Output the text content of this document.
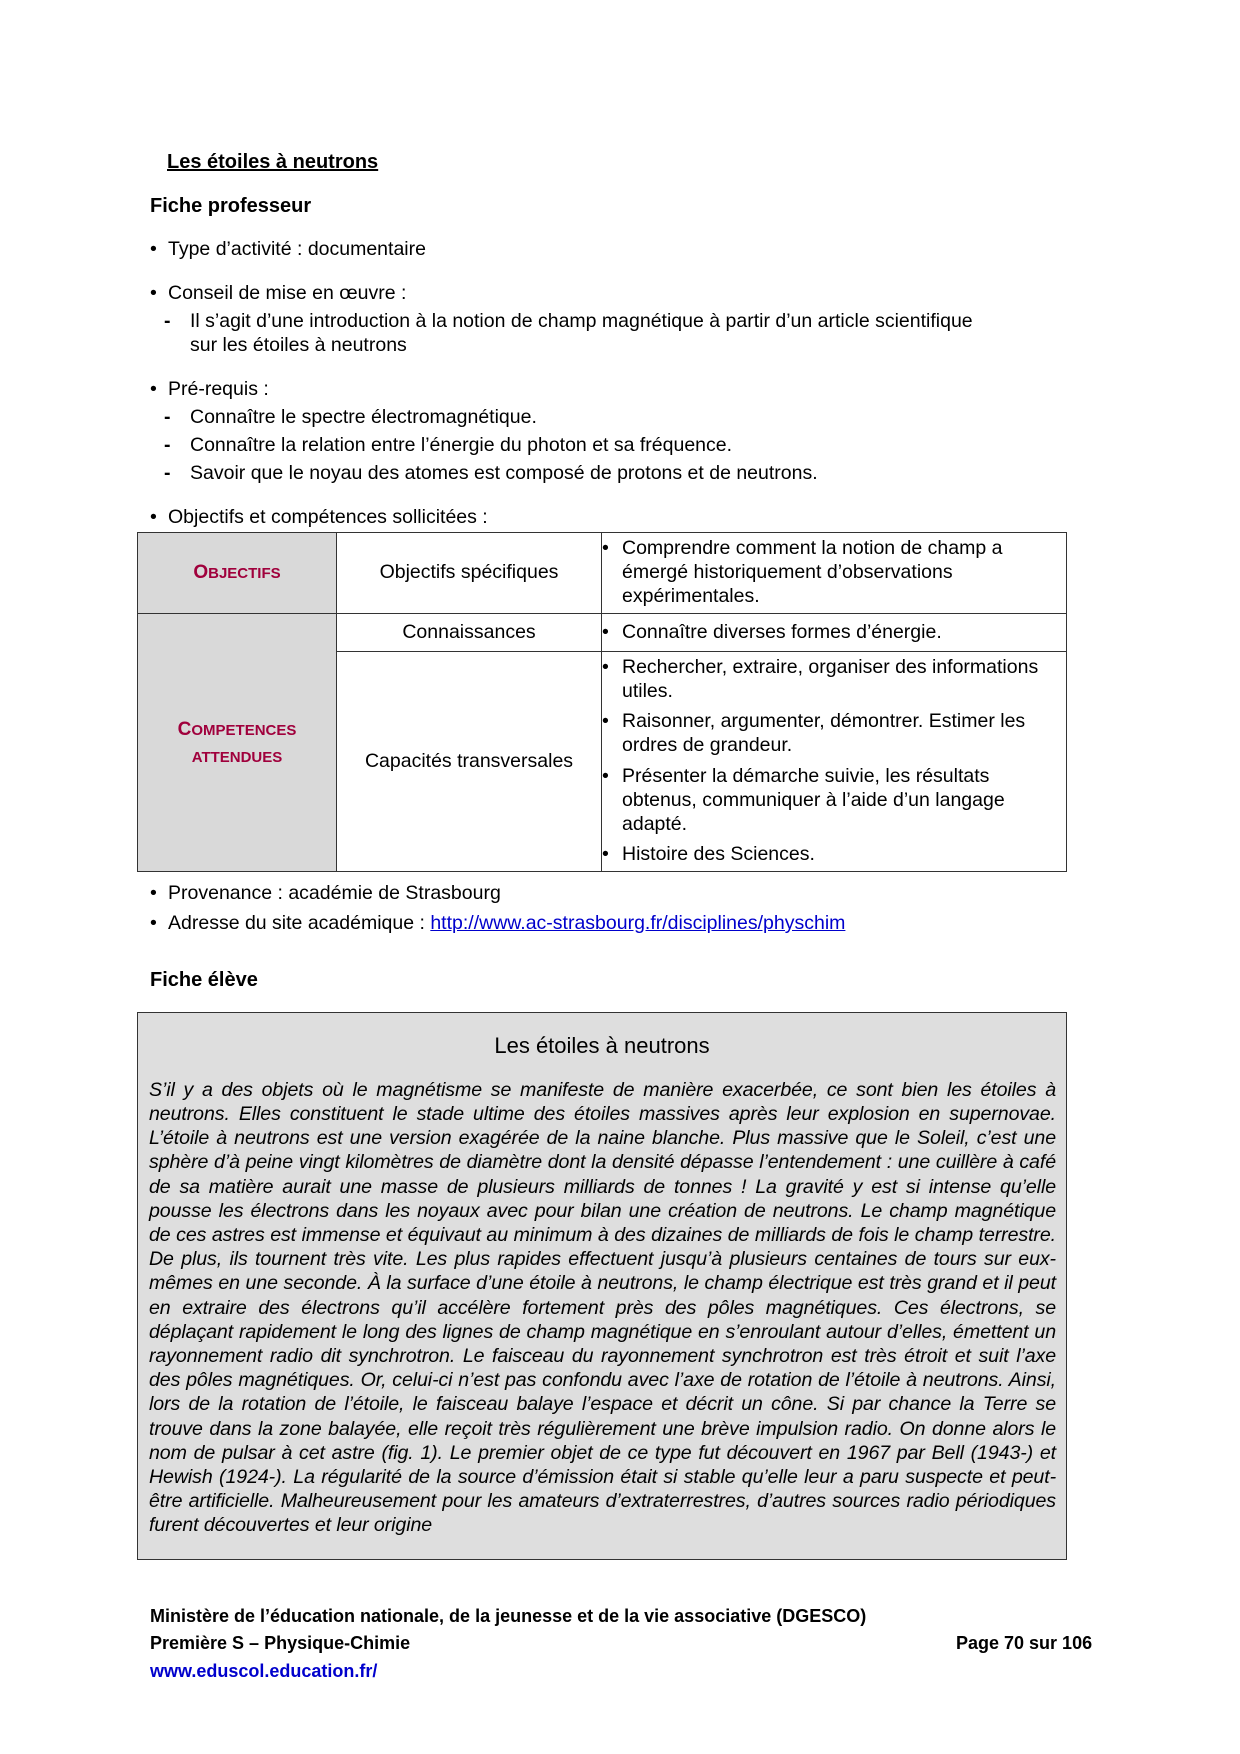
Les étoiles à neutrons
Fiche professeur
• Type d’activité : documentaire
• Conseil de mise en œuvre :
- Il s’agit d’une introduction à la notion de champ magnétique à partir d’un article scientifique
sur les étoiles à neutrons
• Pré-requis :
- Connaître le spectre électromagnétique.
- Connaître la relation entre l’énergie du photon et sa fréquence.
- Savoir que le noyau des atomes est composé de protons et de neutrons.
• Objectifs et compétences sollicitées :
OBJECTIFS	Objectifs spécifiques	• Comprendre comment la notion de champ a émergé historiquement d’observations expérimentales.

COMPETENCES
ATTENDUES	Connaissances	• Connaître diverses formes d’énergie.

	Capacités transversales	• Rechercher, extraire, organiser des informations utiles.
• Raisonner, argumenter, démontrer. Estimer les ordres de grandeur.
• Présenter la démarche suivie, les résultats obtenus, communiquer à l’aide d’un langage adapté.
• Histoire des Sciences.
• Provenance : académie de Strasbourg
• Adresse du site académique : http://www.ac-strasbourg.fr/disciplines/physchim
Fiche élève
Les étoiles à neutrons
S’il y a des objets où le magnétisme se manifeste de manière exacerbée, ce sont bien les étoiles à neutrons. Elles constituent le stade ultime des étoiles massives après leur explosion en supernovae. L’étoile à neutrons est une version exagérée de la naine blanche. Plus massive que le Soleil, c’est une sphère d’à peine vingt kilomètres de diamètre dont la densité dépasse l’entendement : une cuillère à café de sa matière aurait une masse de plusieurs milliards de tonnes ! La gravité y est si intense qu’elle pousse les électrons dans les noyaux avec pour bilan une création de neutrons. Le champ magnétique de ces astres est immense et équivaut au minimum à des dizaines de milliards de fois le champ terrestre. De plus, ils tournent très vite. Les plus rapides effectuent jusqu’à plusieurs centaines de tours sur eux-mêmes en une seconde. À la surface d’une étoile à neutrons, le champ électrique est très grand et il peut en extraire des électrons qu’il accélère fortement près des pôles magnétiques. Ces électrons, se déplaçant rapidement le long des lignes de champ magnétique en s’enroulant autour d’elles, émettent un rayonnement radio dit synchrotron. Le faisceau du rayonnement synchrotron est très étroit et suit l’axe des pôles magnétiques. Or, celui-ci n’est pas confondu avec l’axe de rotation de l’étoile à neutrons. Ainsi, lors de la rotation de l’étoile, le faisceau balaye l’espace et décrit un cône. Si par chance la Terre se trouve dans la zone balayée, elle reçoit très régulièrement une brève impulsion radio. On donne alors le nom de pulsar à cet astre (fig. 1). Le premier objet de ce type fut découvert en 1967 par Bell (1943-) et Hewish (1924-). La régularité de la source d’émission était si stable qu’elle leur a paru suspecte et peut-être artificielle. Malheureusement pour les amateurs d’extraterrestres, d’autres sources radio périodiques furent découvertes et leur origine
Ministère de l’éducation nationale, de la jeunesse et de la vie associative (DGESCO)
Première S – Physique-Chimie	Page 70 sur 106
www.eduscol.education.fr/
